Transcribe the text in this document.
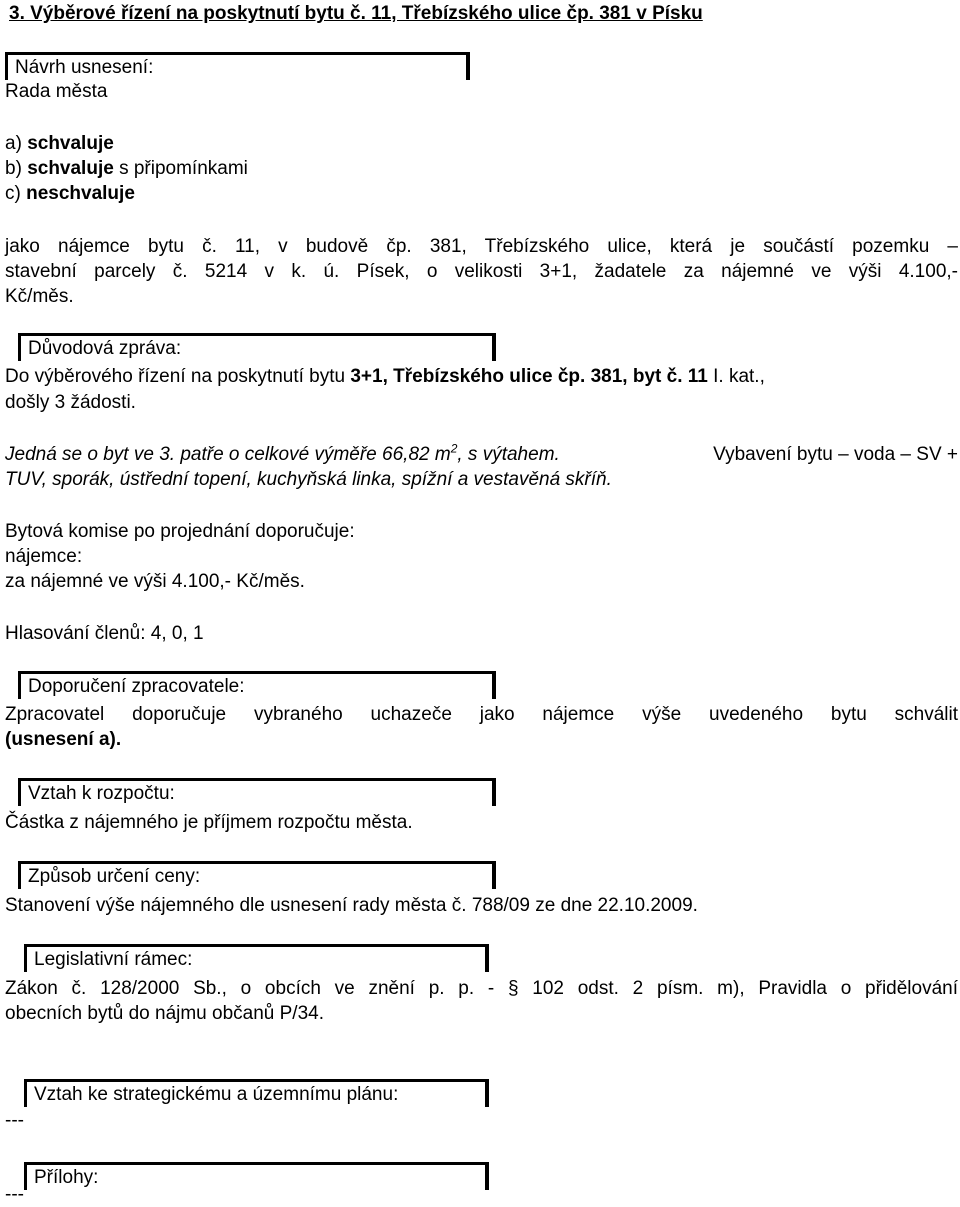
3. Výběrové řízení na poskytnutí bytu č. 11, Třebízského ulice čp. 381 v Písku
Návrh usnesení:
Rada města
a) schvaluje
b) schvaluje s připomínkami
c) neschvaluje
jako nájemce bytu č. 11, v budově čp. 381, Třebízského ulice, která je součástí pozemku –
stavební parcely č. 5214 v k. ú. Písek, o velikosti 3+1, žadatele za nájemné ve výši 4.100,-
Kč/měs.
Důvodová zpráva:
Do výběrového řízení na poskytnutí bytu 3+1, Třebízského ulice čp. 381, byt č. 11 I. kat.,
došly 3 žádosti.
Jedná se o byt ve 3. patře o celkové výměře 66,82 $m^2$, s výtahem.	Vybavení bytu – voda – SV +
TUV, sporák, ústřední topení, kuchyňská linka, spížní a vestavěná skříň.
Bytová komise po projednání doporučuje:
nájemce:
za nájemné ve výši 4.100,- Kč/měs.
Hlasování členů: 4, 0, 1
Doporučení zpracovatele:
Zpracovatel doporučuje vybraného uchazeče jako nájemce výše uvedeného bytu schválit
(usnesení a).
Vztah k rozpočtu:
Částka z nájemného je příjmem rozpočtu města.
Způsob určení ceny:
Stanovení výše nájemného dle usnesení rady města č. 788/09 ze dne 22.10.2009.
Legislativní rámec:
Zákon č. 128/2000 Sb., o obcích ve znění p. p. - § 102 odst. 2 písm. m), Pravidla o přidělování
obecních bytů do nájmu občanů P/34.
Vztah ke strategickému a územnímu plánu:
---
Přílohy:
---
